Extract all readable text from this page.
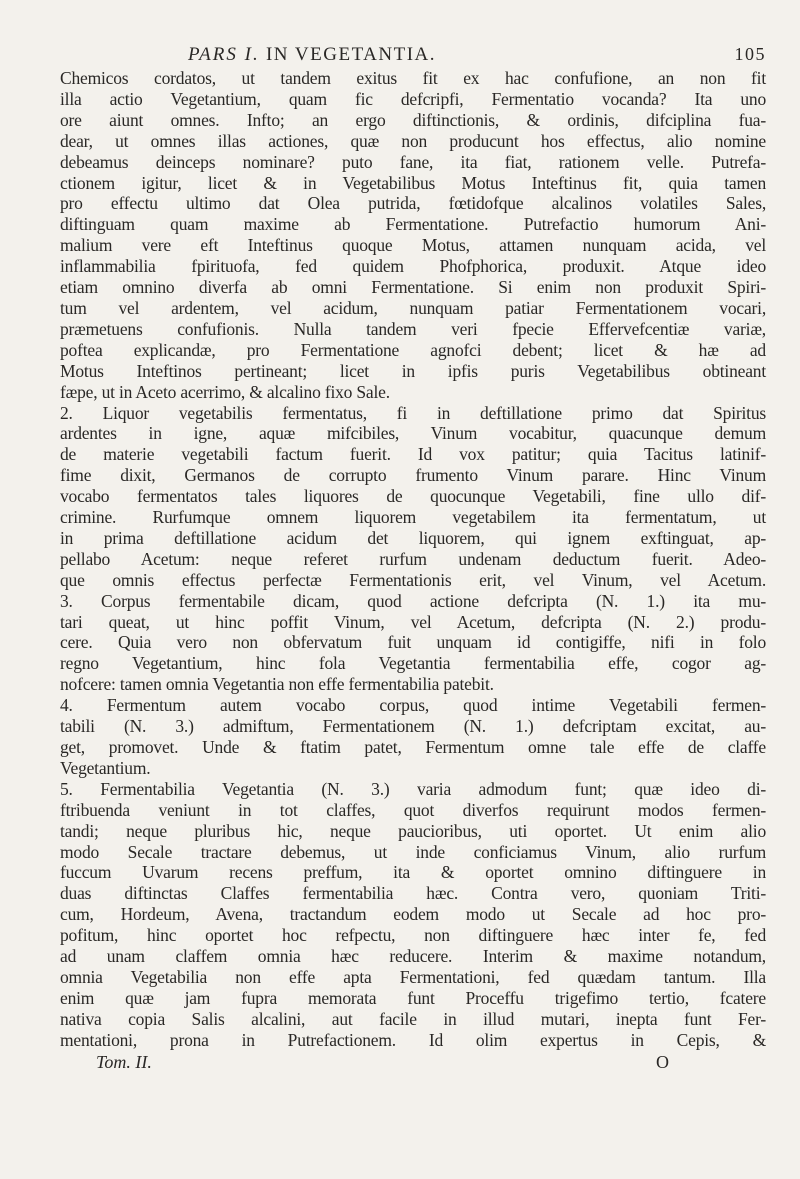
PARS I. IN VEGETANTIA.	105

Chemicos cordatos, ut tandem exitus fit ex hac confufione, an non fit

illa actio Vegetantium, quam fic defcripfi, Fermentatio vocanda? Ita uno

ore aiunt omnes. Infto; an ergo diftinctionis, & ordinis, difciplina fua-

dear, ut omnes illas actiones, quæ non producunt hos effectus, alio nomine

debeamus deinceps nominare? puto fane, ita fiat, rationem velle. Putrefa-

ctionem igitur, licet & in Vegetabilibus Motus Inteftinus fit, quia tamen

pro effectu ultimo dat Olea putrida, fœtidofque alcalinos volatiles Sales,

diftinguam quam maxime ab Fermentatione. Putrefactio humorum Ani-

malium vere eft Inteftinus quoque Motus, attamen nunquam acida, vel

inflammabilia fpirituofa, fed quidem Phofphorica, produxit. Atque ideo

etiam omnino diverfa ab omni Fermentatione. Si enim non produxit Spiri-

tum vel ardentem, vel acidum, nunquam patiar Fermentationem vocari,

præmetuens confufionis. Nulla tandem veri fpecie Effervefcentiæ variæ,

poftea explicandæ, pro Fermentatione agnofci debent; licet & hæ ad

Motus Inteftinos pertineant; licet in ipfis puris Vegetabilibus obtineant

fæpe, ut in Aceto acerrimo, & alcalino fixo Sale.

2. Liquor vegetabilis fermentatus, fi in deftillatione primo dat Spiritus

ardentes in igne, aquæ mifcibiles, Vinum vocabitur, quacunque demum

de materie vegetabili factum fuerit. Id vox patitur; quia Tacitus latinif-

fime dixit, Germanos de corrupto frumento Vinum parare. Hinc Vinum

vocabo fermentatos tales liquores de quocunque Vegetabili, fine ullo dif-

crimine. Rurfumque omnem liquorem vegetabilem ita fermentatum, ut

in prima deftillatione acidum det liquorem, qui ignem exftinguat, ap-

pellabo Acetum: neque referet rurfum undenam deductum fuerit. Adeo-

que omnis effectus perfectæ Fermentationis erit, vel Vinum, vel Acetum.

3. Corpus fermentabile dicam, quod actione defcripta (N. 1.) ita mu-

tari queat, ut hinc poffit Vinum, vel Acetum, defcripta (N. 2.) produ-

cere. Quia vero non obfervatum fuit unquam id contigiffe, nifi in folo

regno Vegetantium, hinc fola Vegetantia fermentabilia effe, cogor ag-

nofcere: tamen omnia Vegetantia non effe fermentabilia patebit.

4. Fermentum autem vocabo corpus, quod intime Vegetabili fermen-

tabili (N. 3.) admiftum, Fermentationem (N. 1.) defcriptam excitat, au-

get, promovet. Unde & ftatim patet, Fermentum omne tale effe de claffe

Vegetantium.

5. Fermentabilia Vegetantia (N. 3.) varia admodum funt; quæ ideo di-

ftribuenda veniunt in tot claffes, quot diverfos requirunt modos fermen-

tandi; neque pluribus hic, neque paucioribus, uti oportet. Ut enim alio

modo Secale tractare debemus, ut inde conficiamus Vinum, alio rurfum

fuccum Uvarum recens preffum, ita & oportet omnino diftinguere in

duas diftinctas Claffes fermentabilia hæc. Contra vero, quoniam Triti-

cum, Hordeum, Avena, tractandum eodem modo ut Secale ad hoc pro-

pofitum, hinc oportet hoc refpectu, non diftinguere hæc inter fe, fed

ad unam claffem omnia hæc reducere. Interim & maxime notandum,

omnia Vegetabilia non effe apta Fermentationi, fed quædam tantum. Illa

enim quæ jam fupra memorata funt Proceffu trigefimo tertio, fcatere

nativa copia Salis alcalini, aut facile in illud mutari, inepta funt Fer-

mentationi, prona in Putrefactionem. Id olim expertus in Cepis, &

Tom. II.	O
